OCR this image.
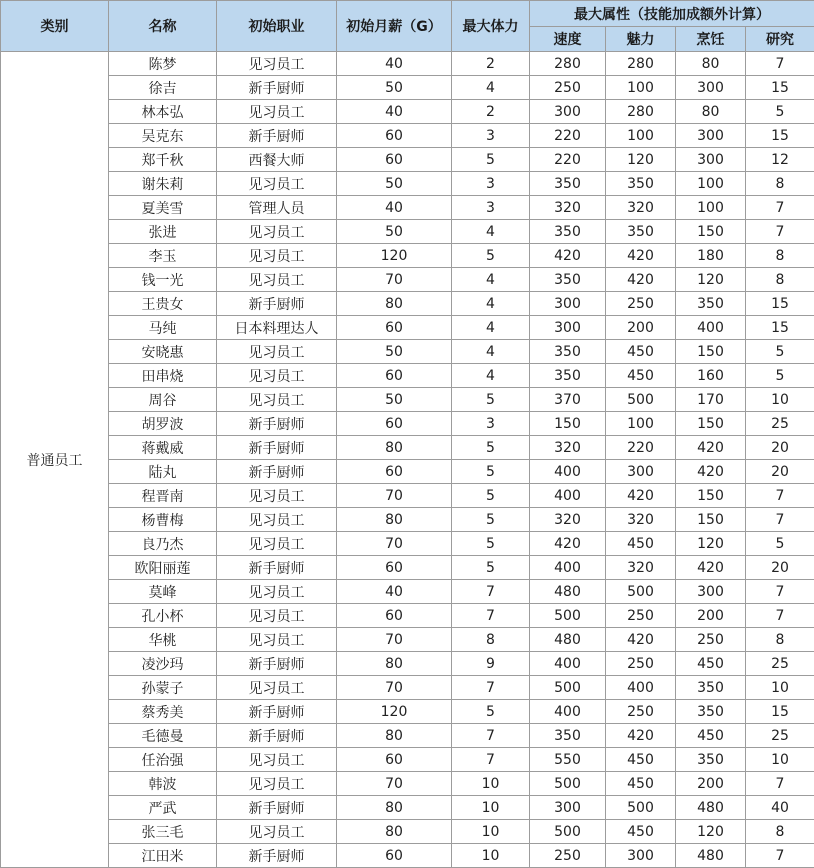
类别	名称	初始职业	初始月薪（G）	最大体力	最大属性（技能加成额外计算）			
					速度	魅力	烹饪	研究
普通员工	陈梦	见习员工	40	2	280	280	80	7
	徐吉	新手厨师	50	4	250	100	300	15
	林本弘	见习员工	40	2	300	280	80	5
	吴克东	新手厨师	60	3	220	100	300	15
	郑千秋	西餐大师	60	5	220	120	300	12
	谢朱莉	见习员工	50	3	350	350	100	8
	夏美雪	管理人员	40	3	320	320	100	7
	张进	见习员工	50	4	350	350	150	7
	李玉	见习员工	120	5	420	420	180	8
	钱一光	见习员工	70	4	350	420	120	8
	王贵女	新手厨师	80	4	300	250	350	15
	马纯	日本料理达人	60	4	300	200	400	15
	安晓惠	见习员工	50	4	350	450	150	5
	田串烧	见习员工	60	4	350	450	160	5
	周谷	见习员工	50	5	370	500	170	10
	胡罗波	新手厨师	60	3	150	100	150	25
	蒋戴威	新手厨师	80	5	320	220	420	20
	陆丸	新手厨师	60	5	400	300	420	20
	程晋南	见习员工	70	5	400	420	150	7
	杨曹梅	见习员工	80	5	320	320	150	7
	良乃杰	见习员工	70	5	420	450	120	5
	欧阳丽莲	新手厨师	60	5	400	320	420	20
	莫峰	见习员工	40	7	480	500	300	7
	孔小杯	见习员工	60	7	500	250	200	7
	华桃	见习员工	70	8	480	420	250	8
	凌沙玛	新手厨师	80	9	400	250	450	25
	孙蒙子	见习员工	70	7	500	400	350	10
	蔡秀美	新手厨师	120	5	400	250	350	15
	毛德曼	新手厨师	80	7	350	420	450	25
	任治强	见习员工	60	7	550	450	350	10
	韩波	见习员工	70	10	500	450	200	7
	严武	新手厨师	80	10	300	500	480	40
	张三毛	见习员工	80	10	500	450	120	8
	江田米	新手厨师	60	10	250	300	480	7
